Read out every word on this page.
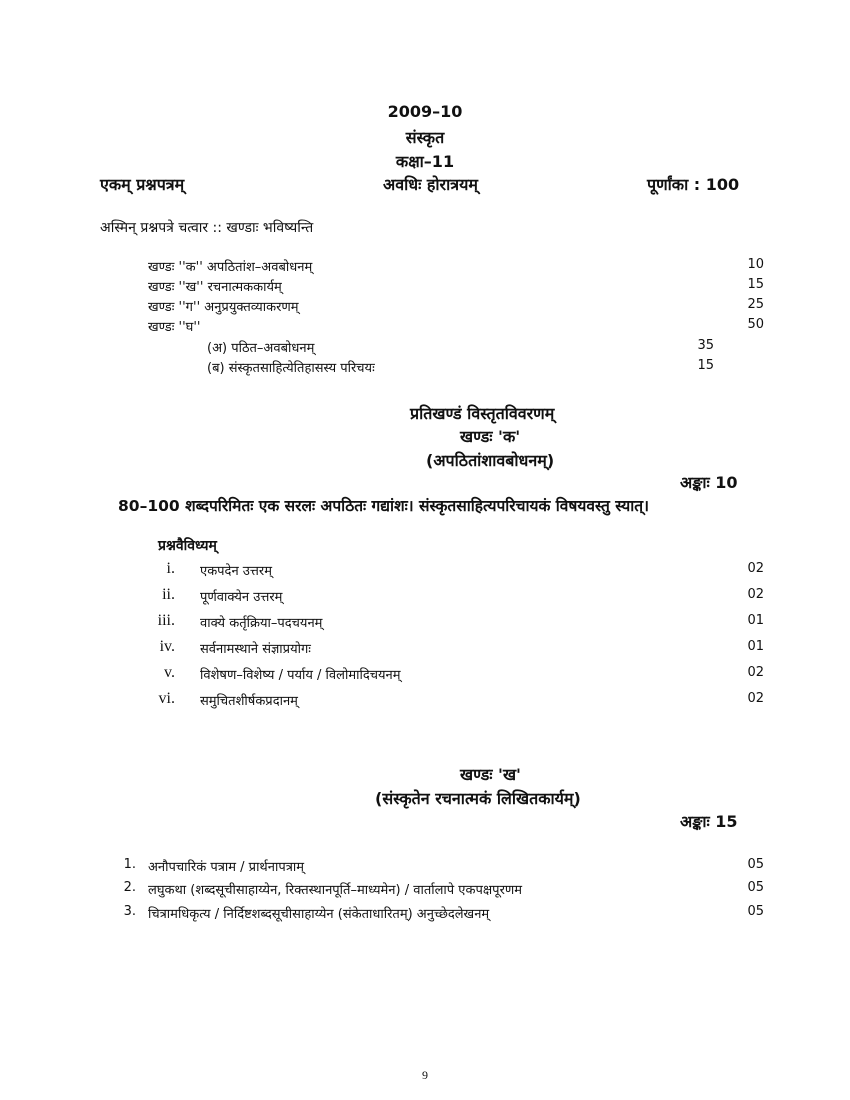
2009–10
संस्कृत
कक्षा–11
एकम् प्रश्नपत्रम्	अवधिः होरात्रयम्	पूर्णांका : 100
अस्मिन् प्रश्नपत्रे चत्वार :: खण्डाः भविष्यन्ति
खण्डः ''क'' अपठितांश–अवबोधनम्	10
खण्डः ''ख'' रचनात्मककार्यम्	15
खण्डः ''ग'' अनुप्रयुक्तव्याकरणम्	25
खण्डः ''घ''	50
(अ) पठित–अवबोधनम्	35
(ब) संस्कृतसाहित्येतिहासस्य परिचयः	15
प्रतिखण्डं विस्तृतविवरणम्
खण्डः 'क'
(अपठितांशावबोधनम्)
अङ्काः 10
80–100 शब्दपरिमितः एक सरलः अपठितः गद्यांशः। संस्कृतसाहित्यपरिचायकं विषयवस्तु स्यात्।
प्रश्नवैविध्यम्
i. एकपदेन उत्तरम्	02
ii. पूर्णवाक्येन उत्तरम्	02
iii. वाक्ये कर्तृक्रिया–पदचयनम्	01
iv. सर्वनामस्थाने संज्ञाप्रयोगः	01
v. विशेषण–विशेष्य / पर्याय / विलोमादिचयनम्	02
vi. समुचितशीर्षकप्रदानम्	02
खण्डः 'ख'
(संस्कृतेन रचनात्मकं लिखितकार्यम्)
अङ्काः 15
1. अनौपचारिकं पत्राम / प्रार्थनापत्राम्	05
2. लघुकथा (शब्दसूचीसाहाय्येन, रिक्तस्थानपूर्ति–माध्यमेन) / वार्तालापे एकपक्षपूरणम	05
3. चित्रामधिकृत्य / निर्दिष्टशब्दसूचीसाहाय्येन (संकेताधारितम्) अनुच्छेदलेखनम्	05
9
